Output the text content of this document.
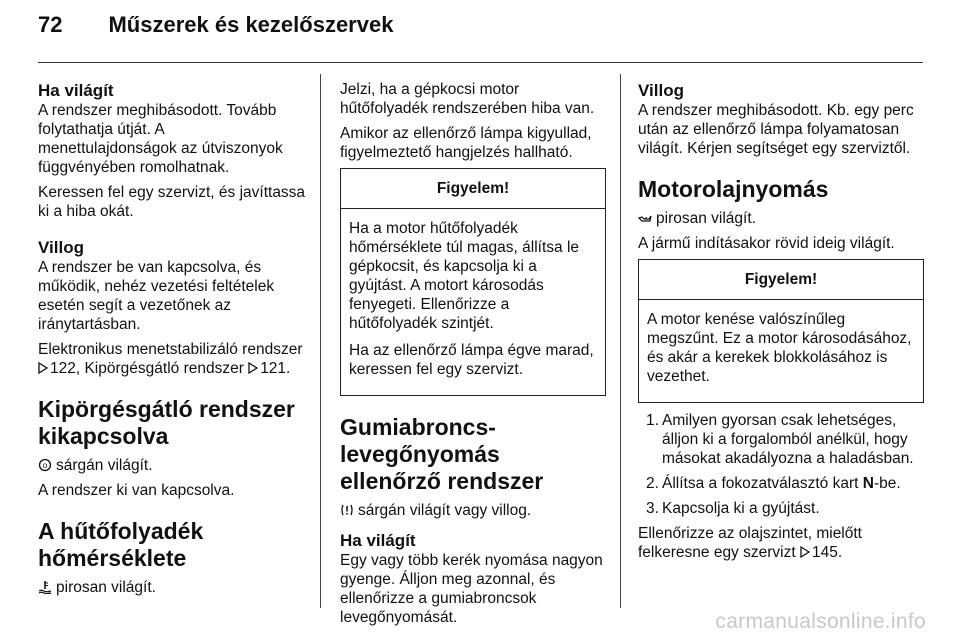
72 Műszerek és kezelőszervek
Ha világít

A rendszer meghibásodott. Tovább folytathatja útját. A menettulajdonságok az útviszonyok függvényében romolhatnak.

Keressen fel egy szervizt, és javíttassa ki a hiba okát.

Villog

A rendszer be van kapcsolva, és működik, nehéz vezetési feltételek esetén segít a vezetőnek az iránytartásban.

Elektronikus menetstabilizáló rendszer 122, Kipörgésgátló rendszer 121.

Kipörgésgátló rendszer kikapcsolva

o sárgán világít.

A rendszer ki van kapcsolva.

A hűtőfolyadék hőmérséklete

pirosan világít.

Jelzi, ha a gépkocsi motor hűtőfolyadék rendszerében hiba van.

Amikor az ellenőrző lámpa kigyullad, figyelmeztető hangjelzés hallható.

Figyelem!

Ha a motor hűtőfolyadék hőmérséklete túl magas, állítsa le gépkocsit, és kapcsolja ki a gyújtást. A motort károsodás fenyegeti. Ellenőrizze a hűtőfolyadék szintjét.

Ha az ellenőrző lámpa égve marad, keressen fel egy szervizt.

Gumiabroncs-levegőnyomás ellenőrző rendszer

sárgán világít vagy villog.

Ha világít

Egy vagy több kerék nyomása nagyon gyenge. Álljon meg azonnal, és ellenőrizze a gumiabroncsok levegőnyomását.

Villog

A rendszer meghibásodott. Kb. egy perc után az ellenőrző lámpa folyamatosan világít. Kérjen segítséget egy szerviztől.

Motorolajnyomás

pirosan világít.

A jármű indításakor rövid ideig világít.

Figyelem!

A motor kenése valószínűleg megszűnt. Ez a motor károsodásához, és akár a kerekek blokkolásához is vezethet.

1. Amilyen gyorsan csak lehetséges, álljon ki a forgalomból anélkül, hogy másokat akadályozna a haladásban.
2. Állítsa a fokozatválasztó kart N-be.
3. Kapcsolja ki a gyújtást.

Ellenőrizze az olajszintet, mielőtt felkeresne egy szervizt 145.

carmanualsonline.info
